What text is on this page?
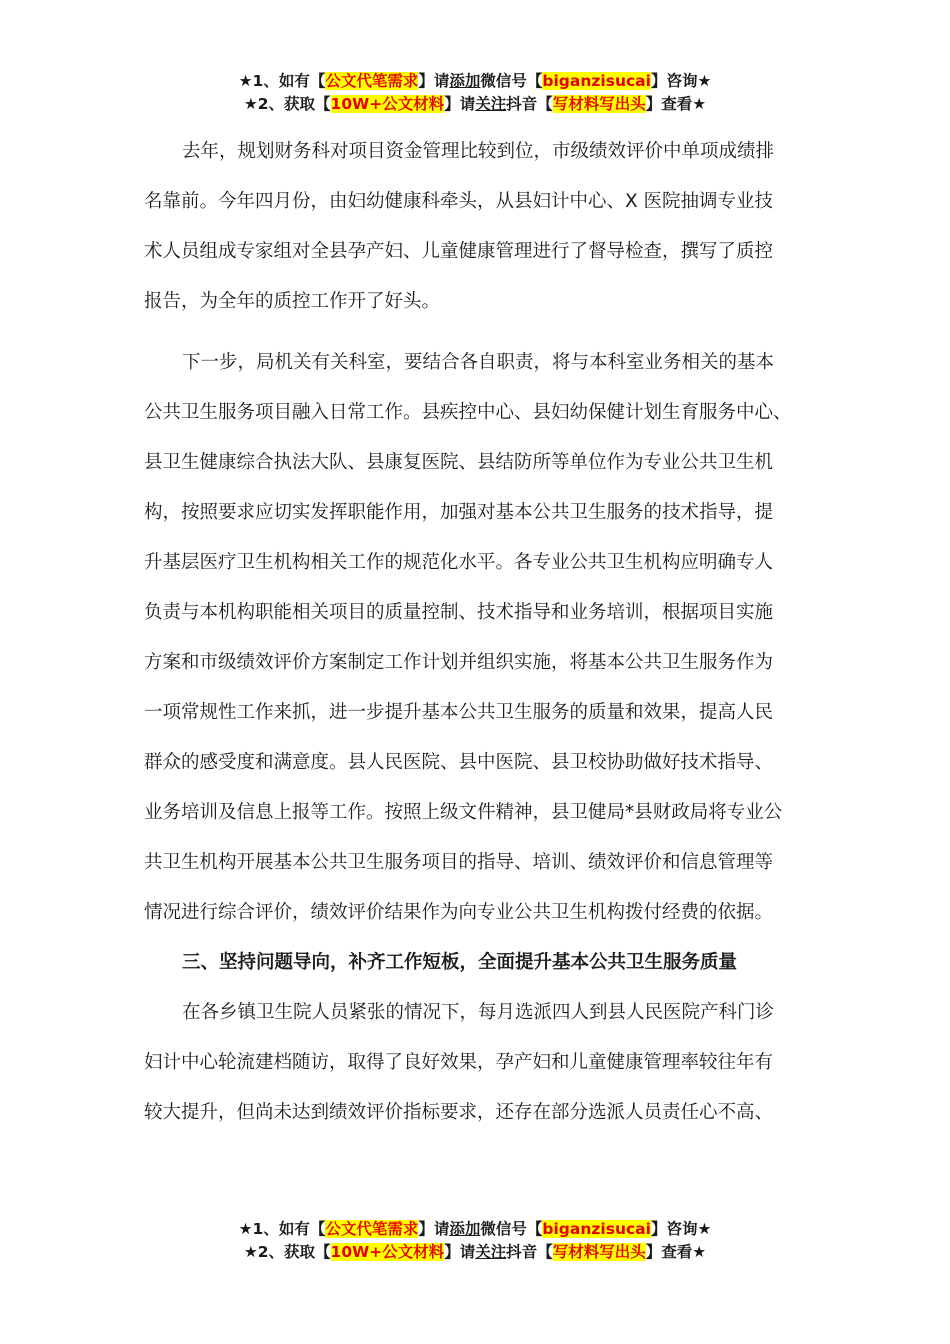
★1、如有【公文代笔需求】请添加微信号【biganzisucai】咨询★
★2、获取【10W+公文材料】请关注抖音【写材料写出头】查看★
去年，规划财务科对项目资金管理比较到位，市级绩效评价中单项成绩排
名靠前。今年四月份，由妇幼健康科牵头，从县妇计中心、X 医院抽调专业技
术人员组成专家组对全县孕产妇、儿童健康管理进行了督导检查，撰写了质控
报告，为全年的质控工作开了好头。
下一步，局机关有关科室，要结合各自职责，将与本科室业务相关的基本
公共卫生服务项目融入日常工作。县疾控中心、县妇幼保健计划生育服务中心、
县卫生健康综合执法大队、县康复医院、县结防所等单位作为专业公共卫生机
构，按照要求应切实发挥职能作用，加强对基本公共卫生服务的技术指导，提
升基层医疗卫生机构相关工作的规范化水平。各专业公共卫生机构应明确专人
负责与本机构职能相关项目的质量控制、技术指导和业务培训，根据项目实施
方案和市级绩效评价方案制定工作计划并组织实施，将基本公共卫生服务作为
一项常规性工作来抓，进一步提升基本公共卫生服务的质量和效果，提高人民
群众的感受度和满意度。县人民医院、县中医院、县卫校协助做好技术指导、
业务培训及信息上报等工作。按照上级文件精神，县卫健局*县财政局将专业公
共卫生机构开展基本公共卫生服务项目的指导、培训、绩效评价和信息管理等
情况进行综合评价，绩效评价结果作为向专业公共卫生机构拨付经费的依据。
三、坚持问题导向，补齐工作短板，全面提升基本公共卫生服务质量
在各乡镇卫生院人员紧张的情况下，每月选派四人到县人民医院产科门诊
妇计中心轮流建档随访，取得了良好效果，孕产妇和儿童健康管理率较往年有
较大提升，但尚未达到绩效评价指标要求，还存在部分选派人员责任心不高、
★1、如有【公文代笔需求】请添加微信号【biganzisucai】咨询★
★2、获取【10W+公文材料】请关注抖音【写材料写出头】查看★
